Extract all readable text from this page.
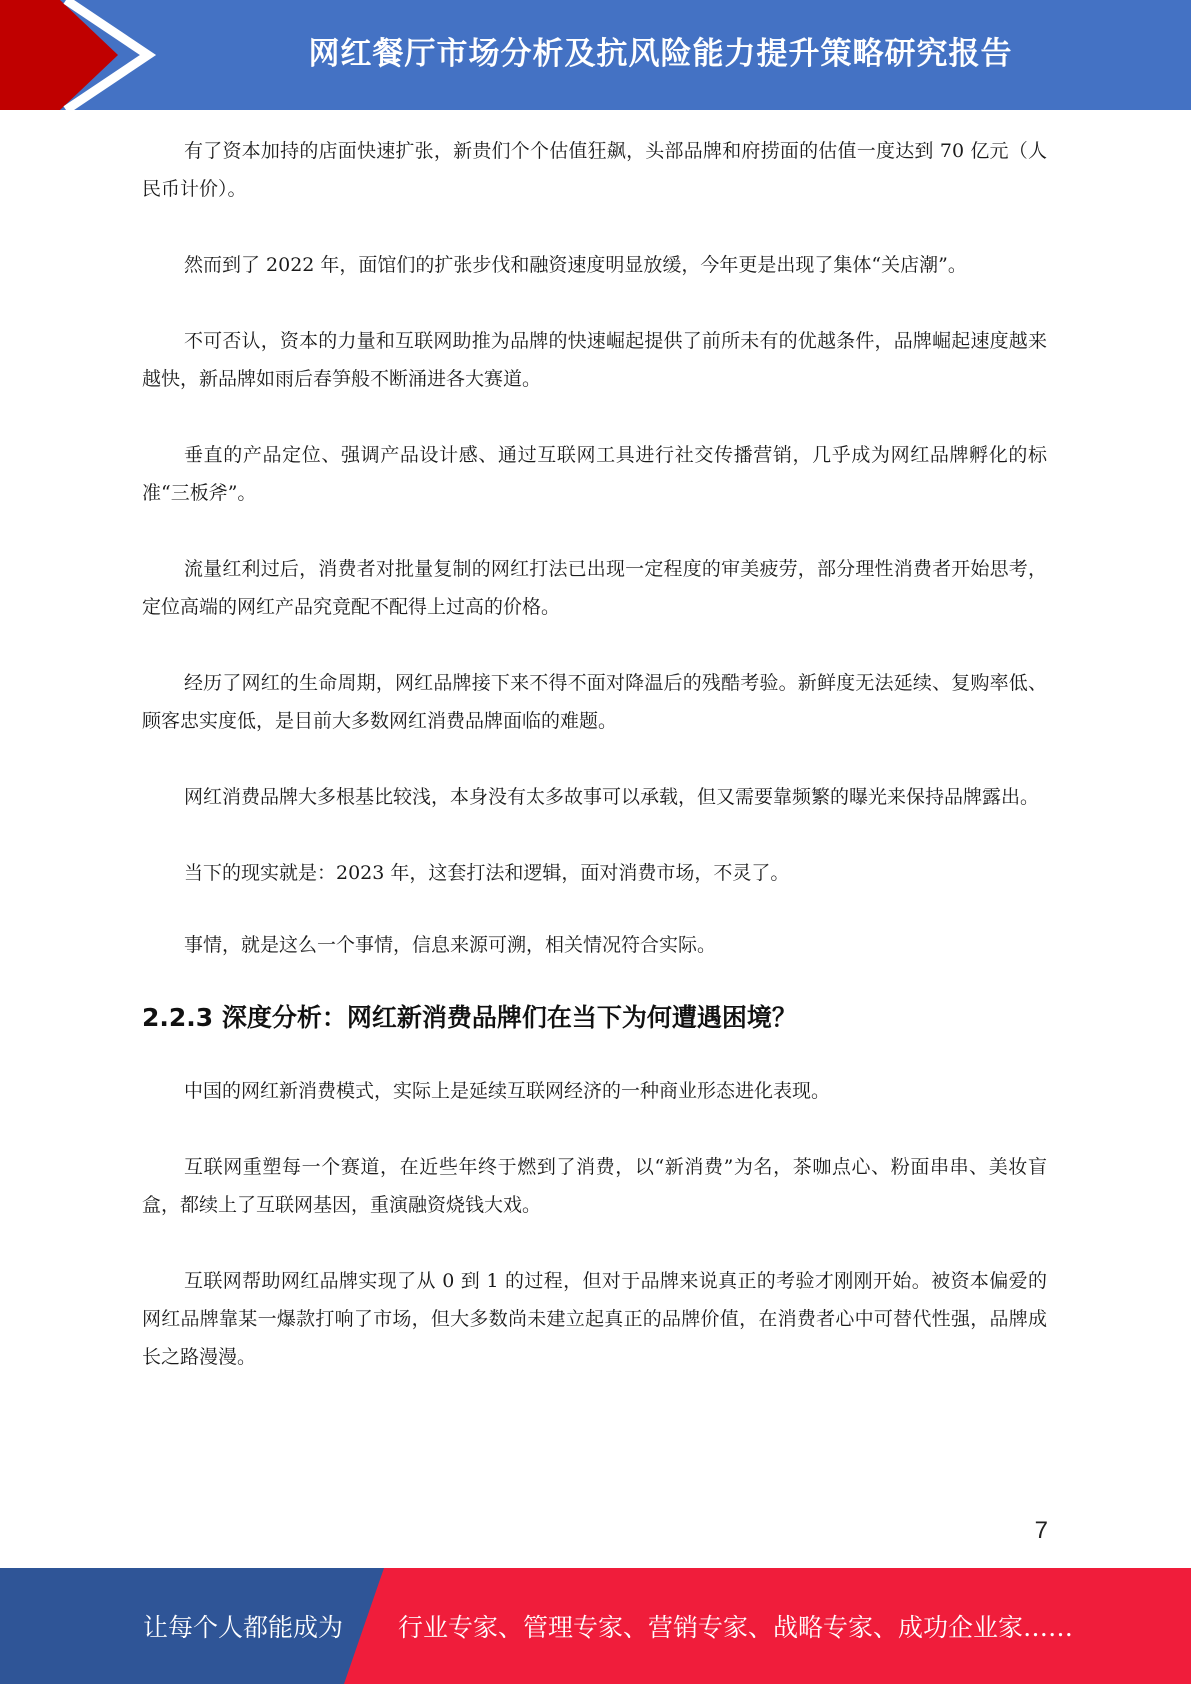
网红餐厅市场分析及抗风险能力提升策略研究报告

有了资本加持的店面快速扩张，新贵们个个估值狂飙，头部品牌和府捞面的估值一度达到 70 亿元（人民币计价）。

然而到了 2022 年，面馆们的扩张步伐和融资速度明显放缓，今年更是出现了集体“关店潮”。

不可否认，资本的力量和互联网助推为品牌的快速崛起提供了前所未有的优越条件，品牌崛起速度越来越快，新品牌如雨后春笋般不断涌进各大赛道。

垂直的产品定位、强调产品设计感、通过互联网工具进行社交传播营销，几乎成为网红品牌孵化的标准“三板斧”。

流量红利过后，消费者对批量复制的网红打法已出现一定程度的审美疲劳，部分理性消费者开始思考，定位高端的网红产品究竟配不配得上过高的价格。

经历了网红的生命周期，网红品牌接下来不得不面对降温后的残酷考验。新鲜度无法延续、复购率低、顾客忠实度低，是目前大多数网红消费品牌面临的难题。

网红消费品牌大多根基比较浅，本身没有太多故事可以承载，但又需要靠频繁的曝光来保持品牌露出。

当下的现实就是：2023 年，这套打法和逻辑，面对消费市场，不灵了。

事情，就是这么一个事情，信息来源可溯，相关情况符合实际。

2.2.3 深度分析：网红新消费品牌们在当下为何遭遇困境？

中国的网红新消费模式，实际上是延续互联网经济的一种商业形态进化表现。

互联网重塑每一个赛道，在近些年终于燃到了消费，以“新消费”为名，茶咖点心、粉面串串、美妆盲盒，都续上了互联网基因，重演融资烧钱大戏。

互联网帮助网红品牌实现了从 0 到 1 的过程，但对于品牌来说真正的考验才刚刚开始。被资本偏爱的网红品牌靠某一爆款打响了市场，但大多数尚未建立起真正的品牌价值，在消费者心中可替代性强，品牌成长之路漫漫。

7
让每个人都能成为 行业专家、管理专家、营销专家、战略专家、成功企业家……
